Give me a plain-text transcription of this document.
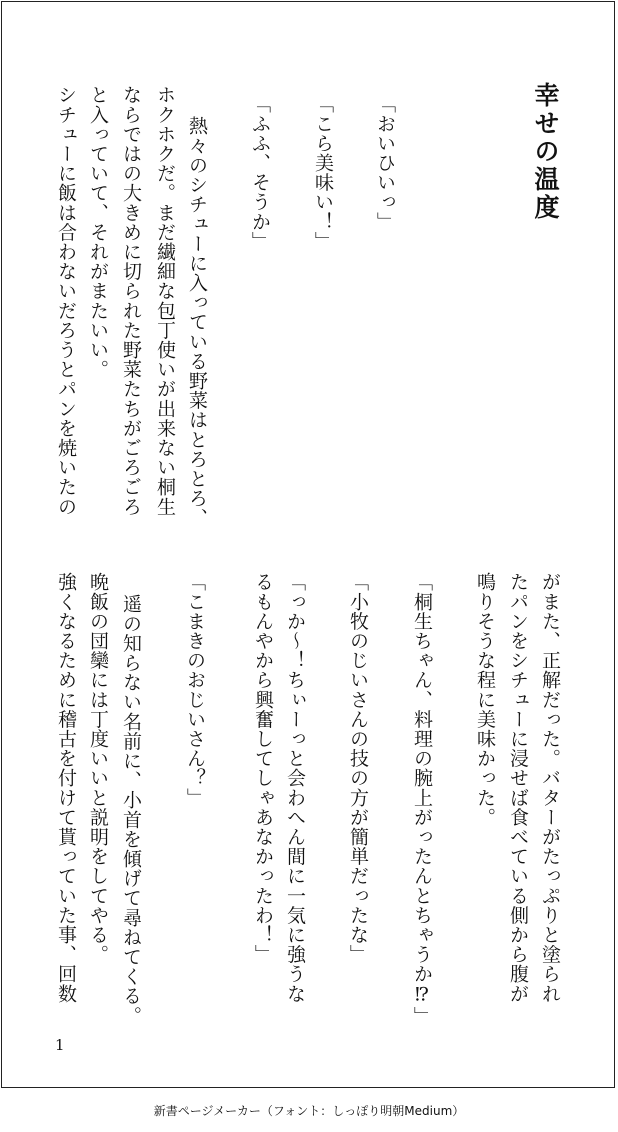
幸せの温度
「おいひいっ」
「こら美味い！」
「ふふ、そうか」
熱々のシチューに入っている野菜はとろとろ、
ホクホクだ。まだ繊細な包丁使いが出来ない桐生
ならではの大きめに切られた野菜たちがごろごろ
と入っていて、それがまたいい。
シチューに飯は合わないだろうとパンを焼いたの
がまた、正解だった。バターがたっぷりと塗られ
たパンをシチューに浸せば食べている側から腹が
鳴りそうな程に美味かった。
「桐生ちゃん、料理の腕上がったんとちゃうか⁉」
「小牧のじいさんの技の方が簡単だったな」
「っか〜！ちぃーっと会わへん間に一気に強うな
るもんやから興奮してしゃあなかったわ！」
「こまきのおじいさん？」
遥の知らない名前に、小首を傾げて尋ねてくる。
晩飯の団欒には丁度いいと説明をしてやる。
強くなるために稽古を付けて貰っていた事、回数
1
新書ページメーカー（フォント：しっぽり明朝Medium）
